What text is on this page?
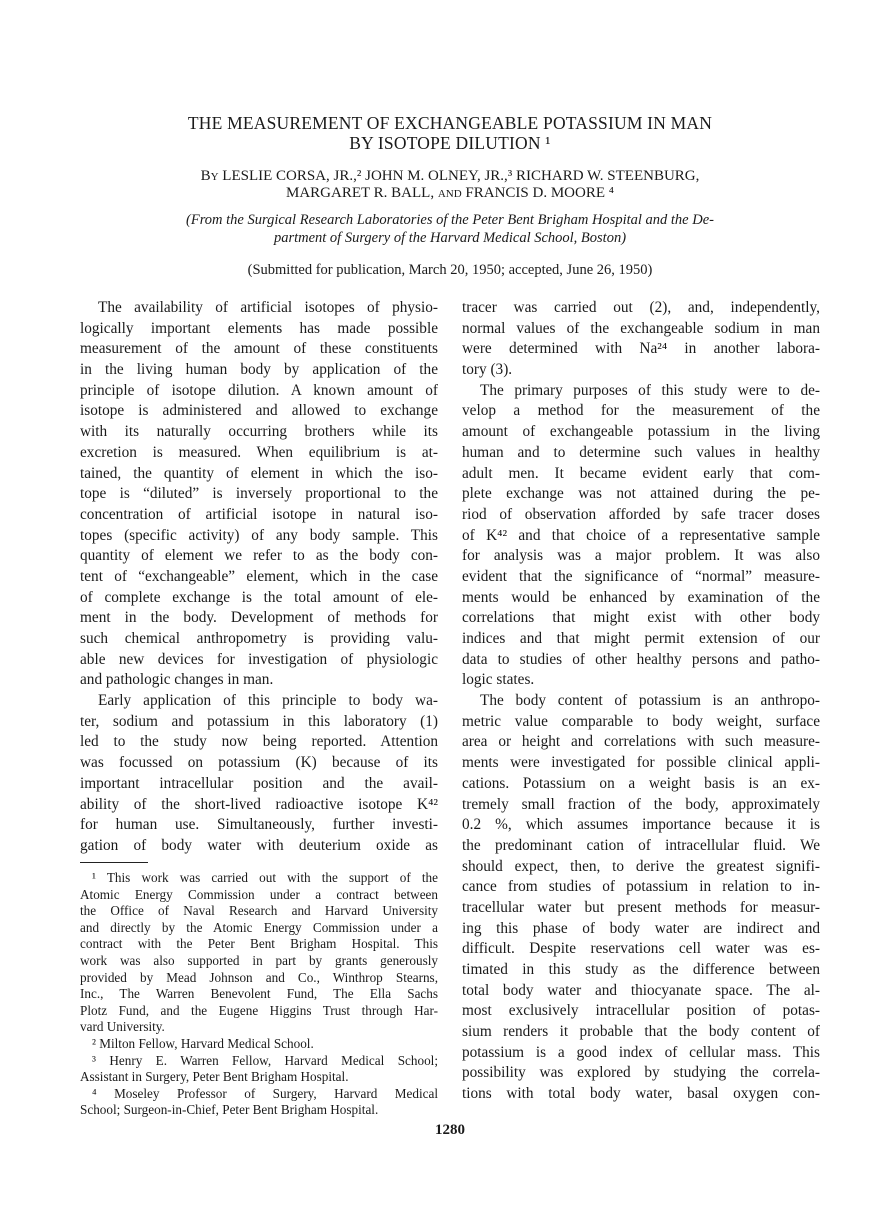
THE MEASUREMENT OF EXCHANGEABLE POTASSIUM IN MAN
BY ISOTOPE DILUTION ¹
By LESLIE CORSA, JR.,² JOHN M. OLNEY, JR.,³ RICHARD W. STEENBURG,
MARGARET R. BALL, and FRANCIS D. MOORE ⁴
(From the Surgical Research Laboratories of the Peter Bent Brigham Hospital and the De-
partment of Surgery of the Harvard Medical School, Boston)
(Submitted for publication, March 20, 1950; accepted, June 26, 1950)
The availability of artificial isotopes of physio-
logically important elements has made possible
measurement of the amount of these constituents
in the living human body by application of the
principle of isotope dilution. A known amount of
isotope is administered and allowed to exchange
with its naturally occurring brothers while its
excretion is measured. When equilibrium is at-
tained, the quantity of element in which the iso-
tope is “diluted” is inversely proportional to the
concentration of artificial isotope in natural iso-
topes (specific activity) of any body sample. This
quantity of element we refer to as the body con-
tent of “exchangeable” element, which in the case
of complete exchange is the total amount of ele-
ment in the body. Development of methods for
such chemical anthropometry is providing valu-
able new devices for investigation of physiologic
and pathologic changes in man.
Early application of this principle to body wa-
ter, sodium and potassium in this laboratory (1)
led to the study now being reported. Attention
was focussed on potassium (K) because of its
important intracellular position and the avail-
ability of the short-lived radioactive isotope K⁴²
for human use. Simultaneously, further investi-
gation of body water with deuterium oxide as
tracer was carried out (2), and, independently,
normal values of the exchangeable sodium in man
were determined with Na²⁴ in another labora-
tory (3).
The primary purposes of this study were to de-
velop a method for the measurement of the
amount of exchangeable potassium in the living
human and to determine such values in healthy
adult men. It became evident early that com-
plete exchange was not attained during the pe-
riod of observation afforded by safe tracer doses
of K⁴² and that choice of a representative sample
for analysis was a major problem. It was also
evident that the significance of “normal” measure-
ments would be enhanced by examination of the
correlations that might exist with other body
indices and that might permit extension of our
data to studies of other healthy persons and patho-
logic states.
The body content of potassium is an anthropo-
metric value comparable to body weight, surface
area or height and correlations with such measure-
ments were investigated for possible clinical appli-
cations. Potassium on a weight basis is an ex-
tremely small fraction of the body, approximately
0.2 %, which assumes importance because it is
the predominant cation of intracellular fluid. We
should expect, then, to derive the greatest signifi-
cance from studies of potassium in relation to in-
tracellular water but present methods for measur-
ing this phase of body water are indirect and
difficult. Despite reservations cell water was es-
timated in this study as the difference between
total body water and thiocyanate space. The al-
most exclusively intracellular position of potas-
sium renders it probable that the body content of
potassium is a good index of cellular mass. This
possibility was explored by studying the correla-
tions with total body water, basal oxygen con-
¹ This work was carried out with the support of the
Atomic Energy Commission under a contract between
the Office of Naval Research and Harvard University
and directly by the Atomic Energy Commission under a
contract with the Peter Bent Brigham Hospital. This
work was also supported in part by grants generously
provided by Mead Johnson and Co., Winthrop Stearns,
Inc., The Warren Benevolent Fund, The Ella Sachs
Plotz Fund, and the Eugene Higgins Trust through Har-
vard University.
² Milton Fellow, Harvard Medical School.
³ Henry E. Warren Fellow, Harvard Medical School;
Assistant in Surgery, Peter Bent Brigham Hospital.
⁴ Moseley Professor of Surgery, Harvard Medical
School; Surgeon-in-Chief, Peter Bent Brigham Hospital.
1280
